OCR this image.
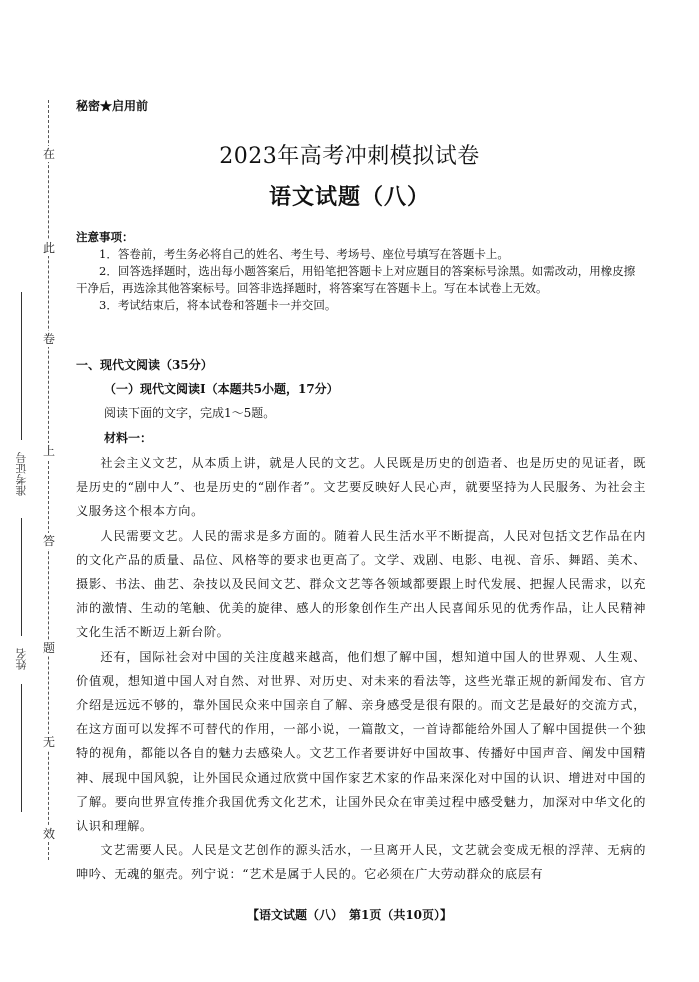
在
此
卷
上
答
题
无
效
准考证号
姓名
秘密★启用前
2023年高考冲刺模拟试卷
语文试题（八）
注意事项：
1．答卷前，考生务必将自己的姓名、考生号、考场号、座位号填写在答题卡上。
2．回答选择题时，选出每小题答案后，用铅笔把答题卡上对应题目的答案标号涂黑。如需改动，用橡皮擦干净后，再选涂其他答案标号。回答非选择题时，将答案写在答题卡上。写在本试卷上无效。
3．考试结束后，将本试卷和答题卡一并交回。
一、现代文阅读（35分）
（一）现代文阅读Ⅰ（本题共5小题，17分）
阅读下面的文字，完成1～5题。
材料一：

社会主义文艺，从本质上讲，就是人民的文艺。人民既是历史的创造者、也是历史的见证者，既是历史的“剧中人”、也是历史的“剧作者”。文艺要反映好人民心声，就要坚持为人民服务、为社会主义服务这个根本方向。

人民需要文艺。人民的需求是多方面的。随着人民生活水平不断提高，人民对包括文艺作品在内的文化产品的质量、品位、风格等的要求也更高了。文学、戏剧、电影、电视、音乐、舞蹈、美术、摄影、书法、曲艺、杂技以及民间文艺、群众文艺等各领域都要跟上时代发展、把握人民需求，以充沛的激情、生动的笔触、优美的旋律、感人的形象创作生产出人民喜闻乐见的优秀作品，让人民精神文化生活不断迈上新台阶。

还有，国际社会对中国的关注度越来越高，他们想了解中国，想知道中国人的世界观、人生观、价值观，想知道中国人对自然、对世界、对历史、对未来的看法等，这些光靠正规的新闻发布、官方介绍是远远不够的，靠外国民众来中国亲自了解、亲身感受是很有限的。而文艺是最好的交流方式，在这方面可以发挥不可替代的作用，一部小说，一篇散文，一首诗都能给外国人了解中国提供一个独特的视角，都能以各自的魅力去感染人。文艺工作者要讲好中国故事、传播好中国声音、阐发中国精神、展现中国风貌，让外国民众通过欣赏中国作家艺术家的作品来深化对中国的认识、增进对中国的了解。要向世界宣传推介我国优秀文化艺术，让国外民众在审美过程中感受魅力，加深对中华文化的认识和理解。

文艺需要人民。人民是文艺创作的源头活水，一旦离开人民，文艺就会变成无根的浮萍、无病的呻吟、无魂的躯壳。列宁说：“艺术是属于人民的。它必须在广大劳动群众的底层有

【语文试题（八）　第1页（共10页）】
